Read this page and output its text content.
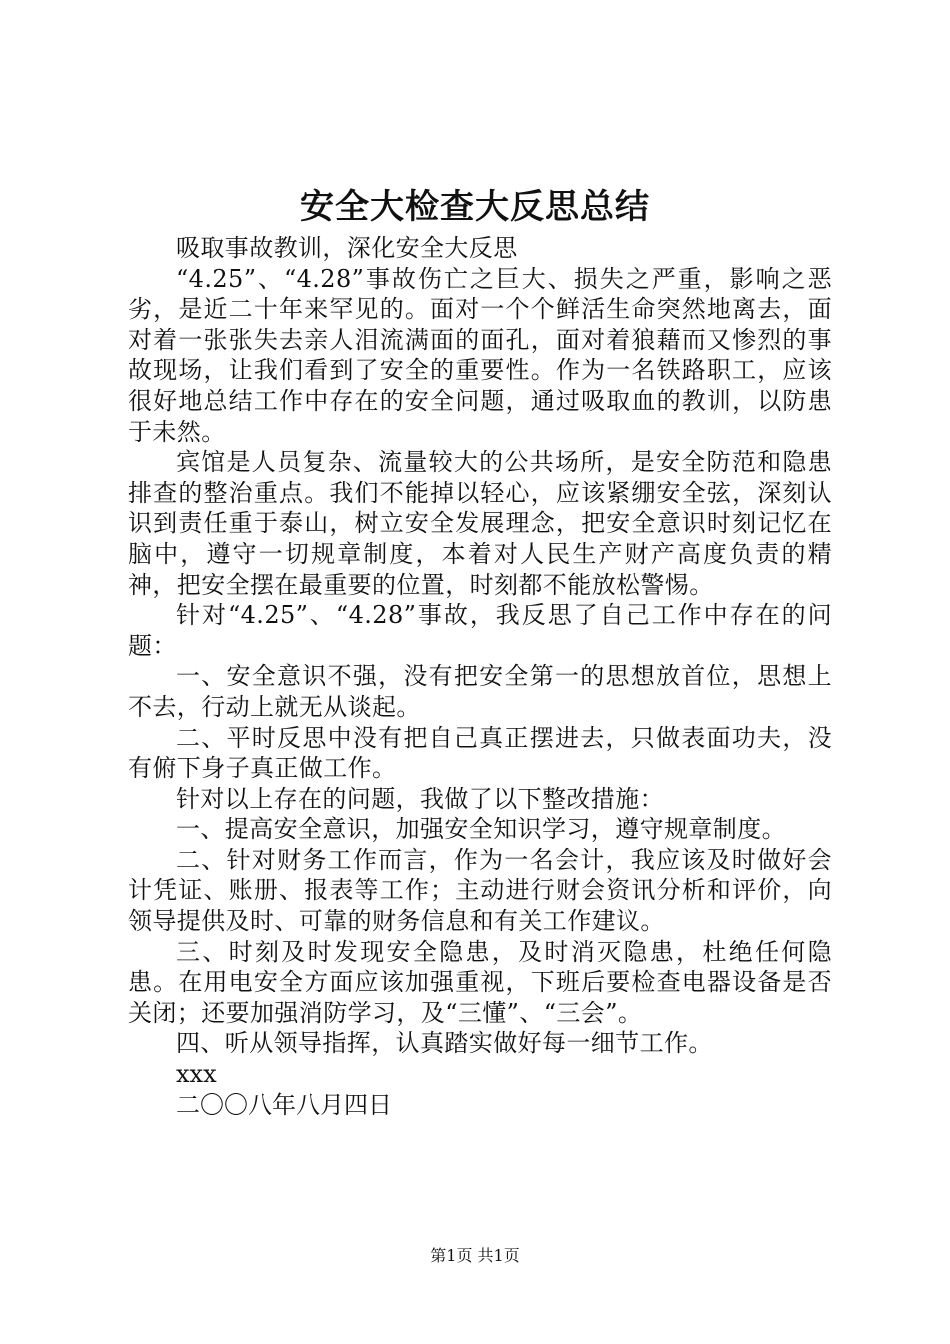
安全大检查大反思总结

吸取事故教训，深化安全大反思

“4.25”、“4.28”事故伤亡之巨大、损失之严重，影响之恶劣，是近二十年来罕见的。面对一个个鲜活生命突然地离去，面对着一张张失去亲人泪流满面的面孔，面对着狼藉而又惨烈的事故现场，让我们看到了安全的重要性。作为一名铁路职工，应该很好地总结工作中存在的安全问题，通过吸取血的教训，以防患于未然。

宾馆是人员复杂、流量较大的公共场所，是安全防范和隐患排查的整治重点。我们不能掉以轻心，应该紧绷安全弦，深刻认识到责任重于泰山，树立安全发展理念，把安全意识时刻记忆在脑中，遵守一切规章制度，本着对人民生产财产高度负责的精神，把安全摆在最重要的位置，时刻都不能放松警惕。

针对“4.25”、“4.28”事故，我反思了自己工作中存在的问题：

一、安全意识不强，没有把安全第一的思想放首位，思想上不去，行动上就无从谈起。

二、平时反思中没有把自己真正摆进去，只做表面功夫，没有俯下身子真正做工作。

针对以上存在的问题，我做了以下整改措施：

一、提高安全意识，加强安全知识学习，遵守规章制度。

二、针对财务工作而言，作为一名会计，我应该及时做好会计凭证、账册、报表等工作；主动进行财会资讯分析和评价，向领导提供及时、可靠的财务信息和有关工作建议。

三、时刻及时发现安全隐患，及时消灭隐患，杜绝任何隐患。在用电安全方面应该加强重视，下班后要检查电器设备是否关闭；还要加强消防学习，及“三懂”、“三会”。

四、听从领导指挥，认真踏实做好每一细节工作。

xxx

二〇〇八年八月四日

第1页 共1页
